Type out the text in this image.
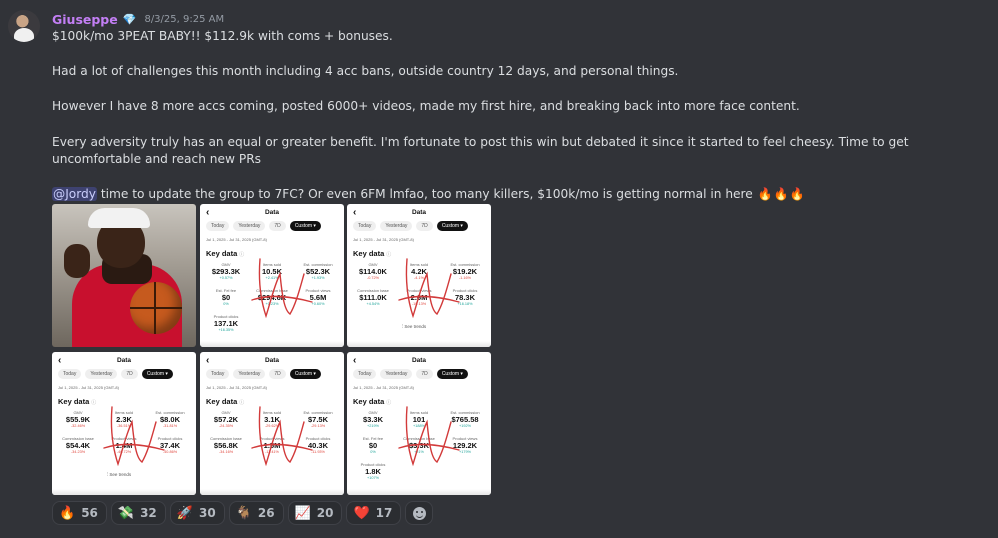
Giuseppe 💎 8/3/25, 9:25 AM

$100k/mo 3PEAT BABY!! $112.9k with coms + bonuses.

Had a lot of challenges this month including 4 acc bans, outside country 12 days, and personal things.

However I have 8 more accs coming, posted 6000+ videos, made my first hire, and breaking back into more face content.

Every adversity truly has an equal or greater benefit. I'm fortunate to post this win but debated it since it started to feel cheesy. Time to get uncomfortable and reach new PRs

@Jordy time to update the group to 7FC? Or even 6FM lmfao, too many killers, $100k/mo is getting normal in here 🔥🔥🔥

‹	Data
Today	Yesterday	7D	Custom ▾
Jul 1, 2025 - Jul 31, 2025 (GMT-8)
Key data ⓘ
GMV
$293.3K
+0.57%
Items sold
10.5K
+2.41%
Est. commission
$52.3K
+1.93%
Est. Fel fee
$0
0%
Commission base
$294.6K
+0.23%
Product views
5.6M
+0.60%
Product clicks
137.1K
+16.35%
‹	Data
Today	Yesterday	7D	Custom ▾
Jul 1, 2025 - Jul 31, 2025 (GMT-8)
Key data ⓘ
GMV
$114.0K
-0.72%
Items sold
4.2K
-4.1%
Est. commission
$19.2K
-1.16%
Commission base
$111.0K
+4.54%
Product views
2.6M
-10.13%
Product clicks
78.3K
+16.18%
⫶ See trends
‹	Data
Today	Yesterday	7D	Custom ▾
Jul 1, 2025 - Jul 31, 2025 (GMT-8)
Key data ⓘ
GMV
$55.9K
-32.46%
Items sold
2.3K
-36.51%
Est. commission
$8.0K
-31.81%
Commission base
$54.4K
-34.23%
Product views
1.4M
-46.72%
Product clicks
37.4K
-40.86%
⫶ See trends
‹	Data
Today	Yesterday	7D	Custom ▾
Jul 1, 2025 - Jul 31, 2025 (GMT-8)
Key data ⓘ
GMV
$57.2K
-24.35%
Items sold
3.1K
-29.62%
Est. commission
$7.5K
-29.13%
Commission base
$56.8K
-34.16%
Product views
1.5M
-11.41%
Product clicks
40.3K
-11.93%
‹	Data
Today	Yesterday	7D	Custom ▾
Jul 1, 2025 - Jul 31, 2025 (GMT-8)
Key data ⓘ
GMV
$3.3K
+219%
Items sold
101
+188%
Est. commission
$765.58
+192%
Est. Fel fee
$0
0%
Commission base
$3.3K
+21%
Product views
129.2K
+179%
Product clicks
1.8K
+107%
🔥 56 💸 32 🚀 30 🐐 26 📈 20 ❤️ 17
